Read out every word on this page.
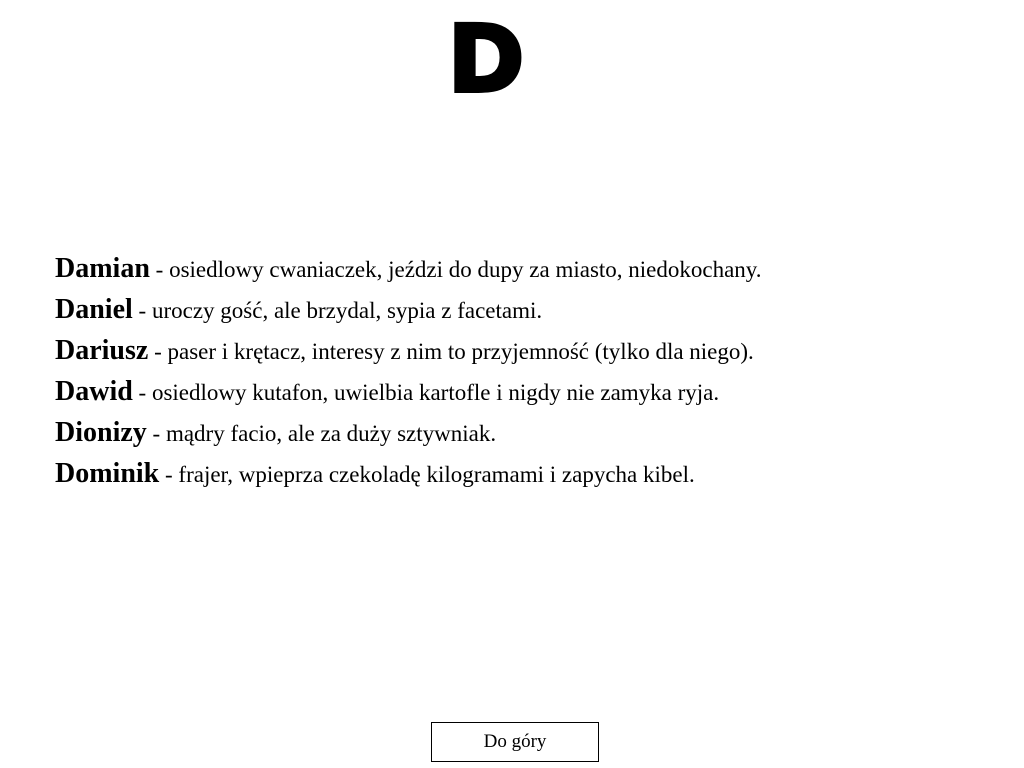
D
Damian - osiedlowy cwaniaczek, jeździ do dupy za miasto, niedokochany.
Daniel - uroczy gość, ale brzydal, sypia z facetami.
Dariusz - paser i krętacz, interesy z nim to przyjemność (tylko dla niego).
Dawid - osiedlowy kutafon, uwielbia kartofle i nigdy nie zamyka ryja.
Dionizy - mądry facio, ale za duży sztywniak.
Dominik - frajer, wpieprza czekoladę kilogramami i zapycha kibel.
Do góry
